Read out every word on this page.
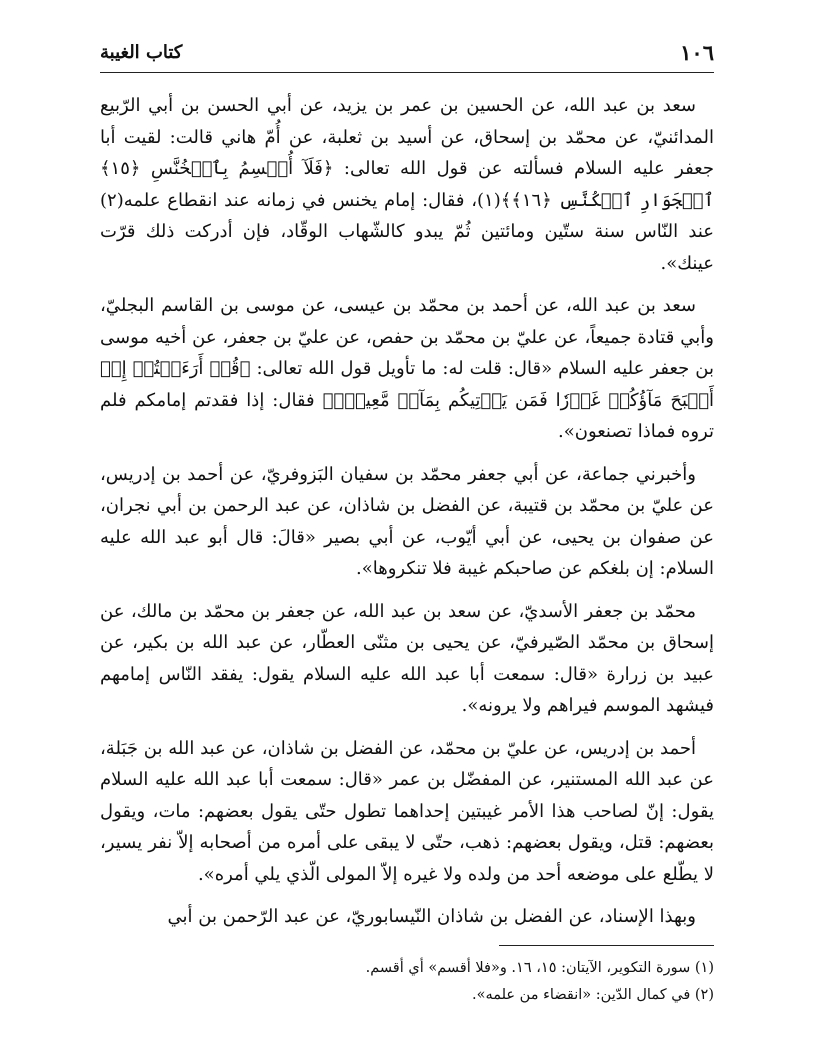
١٠٦
كتاب الغيبة

سعد بن عبد الله، عن الحسين بن عمر بن يزيد، عن أبي الحسن بن أبي الرّبيع المدائنيّ، عن محمّد بن إسحاق، عن أسيد بن ثعلبة، عن أُمّ هاني قالت: لقيت أبا جعفر عليه السلام فسألته عن قول الله تعالى: ﴿فَلَآ أُقۡسِمُ بِٱلۡخُنَّسِ ﴿١٥﴾ ٱلۡجَوَارِ ٱلۡكُنَّسِ ﴿١٦﴾﴾(١)، فقال: إمام يخنس في زمانه عند انقطاع علمه(٢) عند النّاس سنة ستّين ومائتين ثُمّ يبدو كالشّهاب الوقّاد، فإن أدركت ذلك قرّت عينك».

سعد بن عبد الله، عن أحمد بن محمّد بن عيسى، عن موسى بن القاسم البجليّ، وأبي قتادة جميعاً، عن عليّ بن محمّد بن حفص، عن عليّ بن جعفر، عن أخيه موسى بن جعفر عليه السلام «قال: قلت له: ما تأويل قول الله تعالى: ﴿قُلۡ أَرَءَيۡتُمۡ إِنۡ أَصۡبَحَ مَآؤُكُمۡ غَوۡرٗا فَمَن يَأۡتِيكُم بِمَآءٖ مَّعِينِۭ﴾ فقال: إذا فقدتم إمامكم فلم تروه فماذا تصنعون».

وأخبرني جماعة، عن أبي جعفر محمّد بن سفيان البَزوفريّ، عن أحمد بن إدريس، عن عليّ بن محمّد بن قتيبة، عن الفضل بن شاذان، عن عبد الرحمن بن أبي نجران، عن صفوان بن يحيى، عن أبي أيّوب، عن أبي بصير «قالَ: قال أبو عبد الله عليه السلام: إن بلغكم عن صاحبكم غيبة فلا تنكروها».

محمّد بن جعفر الأسديّ، عن سعد بن عبد الله، عن جعفر بن محمّد بن مالك، عن إسحاق بن محمّد الصّيرفيّ، عن يحيى بن مثنّى العطّار، عن عبد الله بن بكير، عن عبيد بن زرارة «قال: سمعت أبا عبد الله عليه السلام يقول: يفقد النّاس إمامهم فيشهد الموسم فيراهم ولا يرونه».

أحمد بن إدريس، عن عليّ بن محمّد، عن الفضل بن شاذان، عن عبد الله بن جَبَلة، عن عبد الله المستنير، عن المفضّل بن عمر «قال: سمعت أبا عبد الله عليه السلام يقول: إنّ لصاحب هذا الأمر غيبتين إحداهما تطول حتّى يقول بعضهم: مات، ويقول بعضهم: قتل، ويقول بعضهم: ذهب، حتّى لا يبقى على أمره من أصحابه إلاّ نفر يسير، لا يطّلع على موضعه أحد من ولده ولا غيره إلاّ المولى الّذي يلي أمره».

وبهذا الإسناد، عن الفضل بن شاذان النّيسابوريّ، عن عبد الرّحمن بن أبي

(١) سورة التكوير، الآيتان: ١٥، ١٦. و«فلا أقسم» أي أقسم.
(٢) في كمال الدّين: «انقضاء من علمه».
